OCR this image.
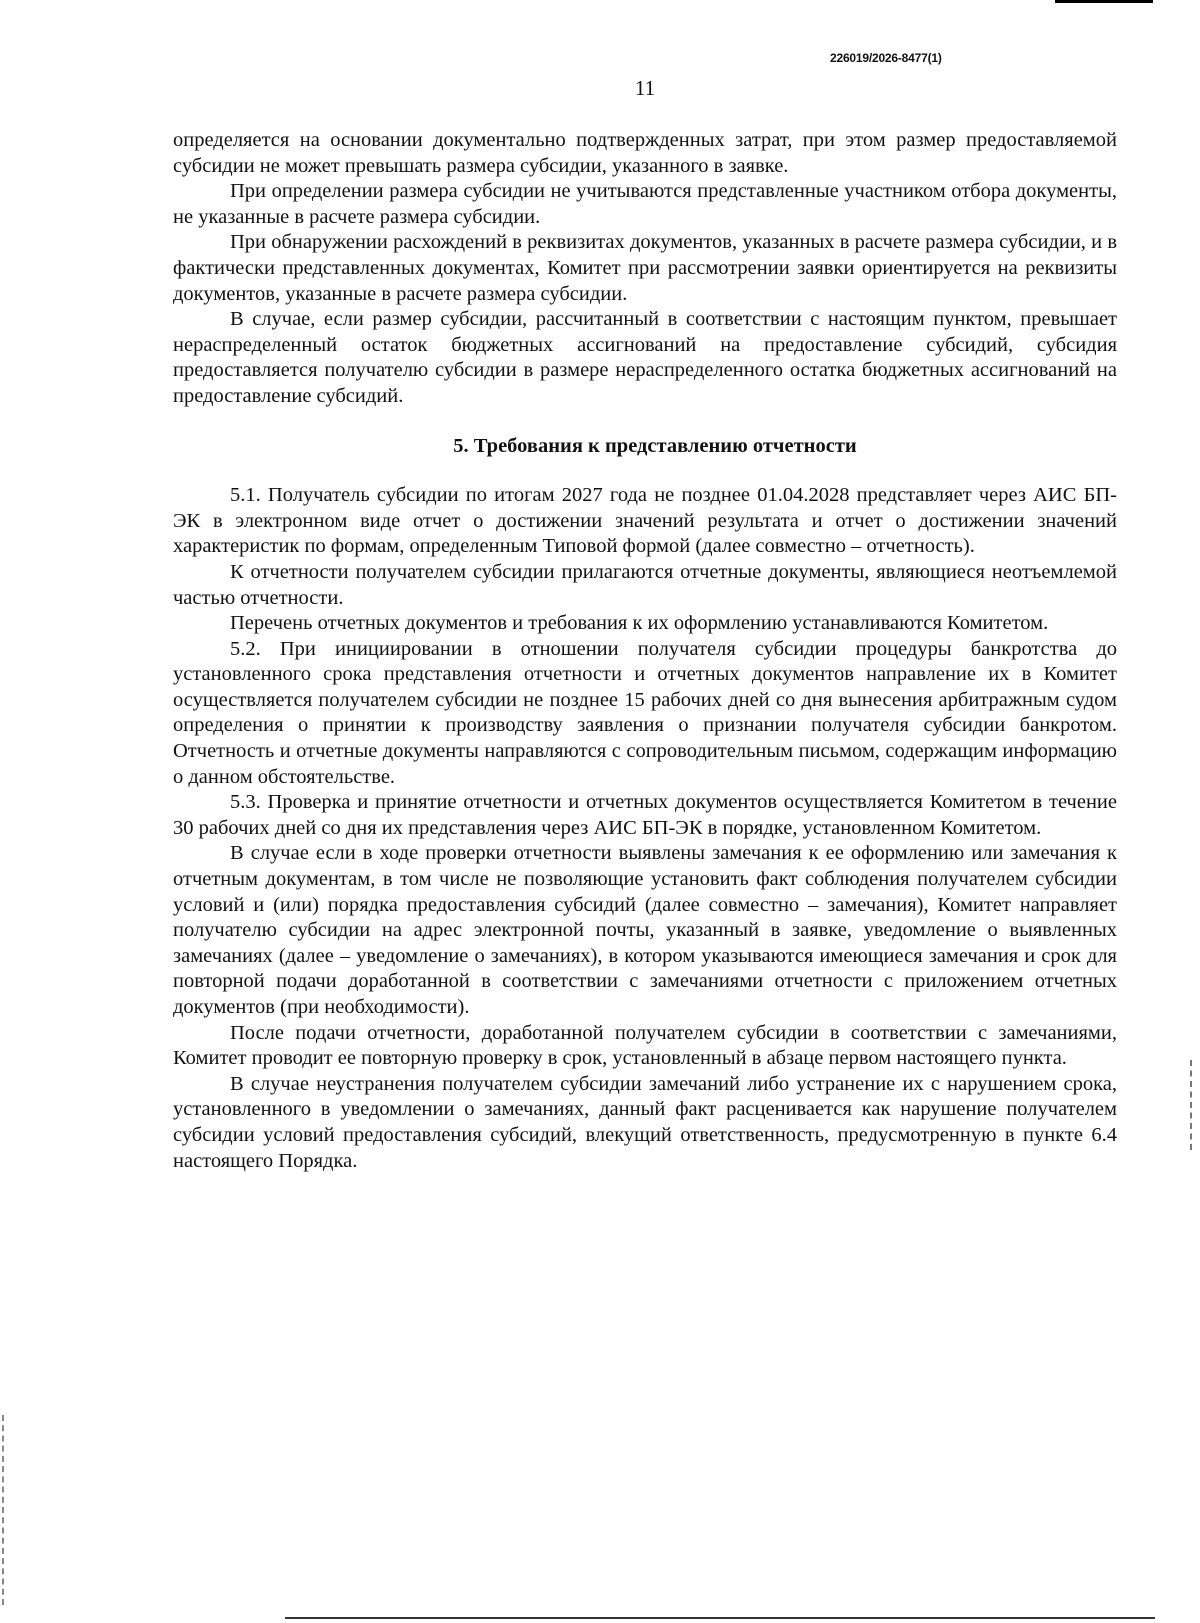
226019/2026-8477(1)
11

определяется на основании документально подтвержденных затрат, при этом размер предоставляемой субсидии не может превышать размера субсидии, указанного в заявке.

При определении размера субсидии не учитываются представленные участником отбора документы, не указанные в расчете размера субсидии.

При обнаружении расхождений в реквизитах документов, указанных в расчете размера субсидии, и в фактически представленных документах, Комитет при рассмотрении заявки ориентируется на реквизиты документов, указанные в расчете размера субсидии.

В случае, если размер субсидии, рассчитанный в соответствии с настоящим пунктом, превышает нераспределенный остаток бюджетных ассигнований на предоставление субсидий, субсидия предоставляется получателю субсидии в размере нераспределенного остатка бюджетных ассигнований на предоставление субсидий.

5. Требования к представлению отчетности

5.1. Получатель субсидии по итогам 2027 года не позднее 01.04.2028 представляет через АИС БП-ЭК в электронном виде отчет о достижении значений результата и отчет о достижении значений характеристик по формам, определенным Типовой формой (далее совместно – отчетность).

К отчетности получателем субсидии прилагаются отчетные документы, являющиеся неотъемлемой частью отчетности.

Перечень отчетных документов и требования к их оформлению устанавливаются Комитетом.

5.2. При инициировании в отношении получателя субсидии процедуры банкротства до установленного срока представления отчетности и отчетных документов направление их в Комитет осуществляется получателем субсидии не позднее 15 рабочих дней со дня вынесения арбитражным судом определения о принятии к производству заявления о признании получателя субсидии банкротом. Отчетность и отчетные документы направляются с сопроводительным письмом, содержащим информацию о данном обстоятельстве.

5.3. Проверка и принятие отчетности и отчетных документов осуществляется Комитетом в течение 30 рабочих дней со дня их представления через АИС БП-ЭК в порядке, установленном Комитетом.

В случае если в ходе проверки отчетности выявлены замечания к ее оформлению или замечания к отчетным документам, в том числе не позволяющие установить факт соблюдения получателем субсидии условий и (или) порядка предоставления субсидий (далее совместно – замечания), Комитет направляет получателю субсидии на адрес электронной почты, указанный в заявке, уведомление о выявленных замечаниях (далее – уведомление о замечаниях), в котором указываются имеющиеся замечания и срок для повторной подачи доработанной в соответствии с замечаниями отчетности с приложением отчетных документов (при необходимости).

После подачи отчетности, доработанной получателем субсидии в соответствии с замечаниями, Комитет проводит ее повторную проверку в срок, установленный в абзаце первом настоящего пункта.

В случае неустранения получателем субсидии замечаний либо устранение их с нарушением срока, установленного в уведомлении о замечаниях, данный факт расценивается как нарушение получателем субсидии условий предоставления субсидий, влекущий ответственность, предусмотренную в пункте 6.4 настоящего Порядка.
